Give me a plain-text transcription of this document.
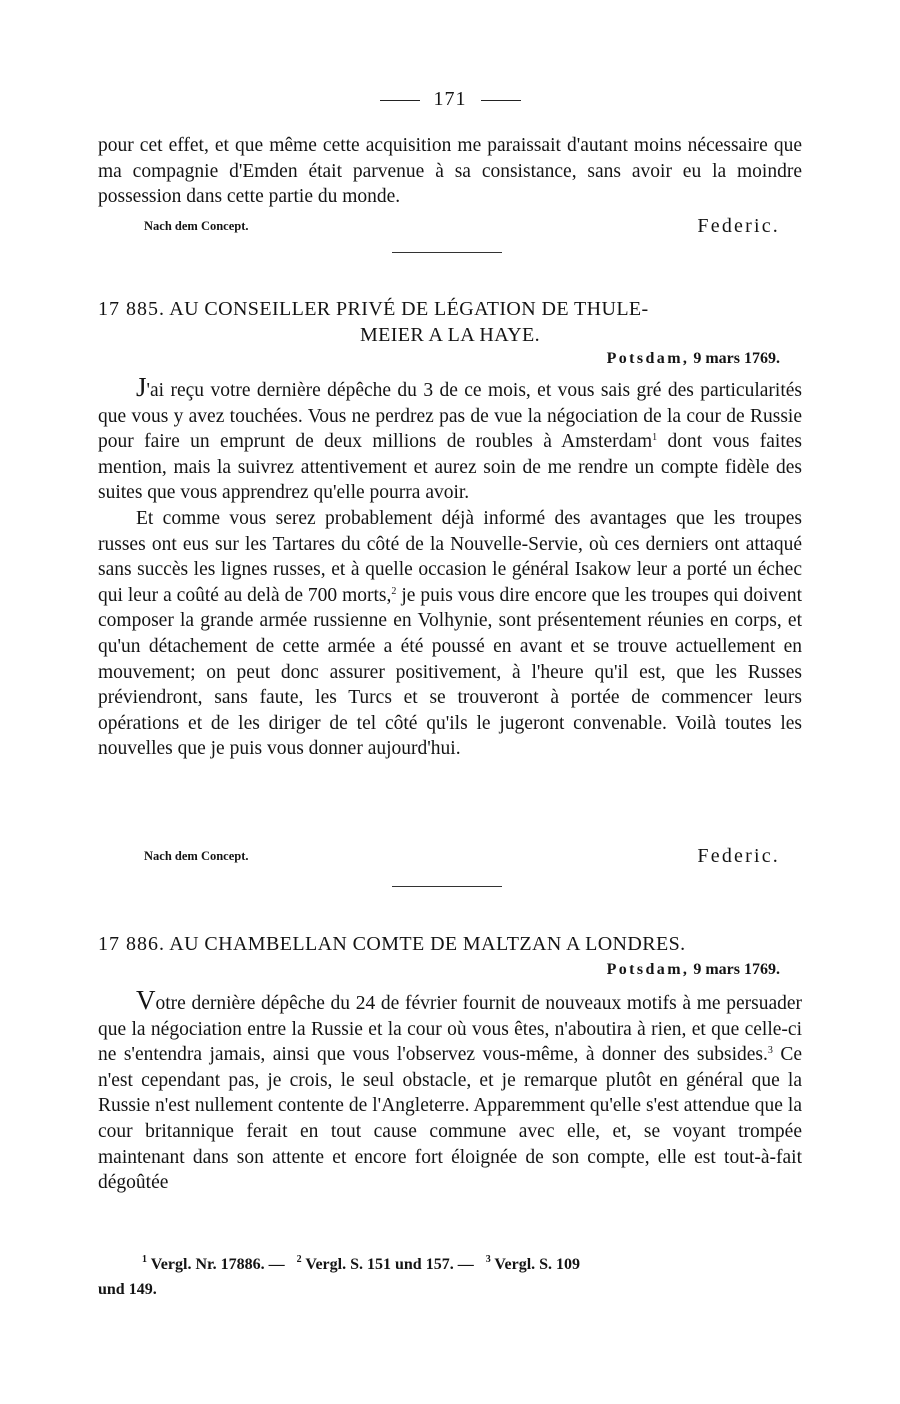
171

pour cet effet, et que même cette acquisition me paraissait d'autant moins nécessaire que ma compagnie d'Emden était parvenue à sa consistance, sans avoir eu la moindre possession dans cette partie du monde.

Nach dem Concept.	Federic.
17 885. AU CONSEILLER PRIVÉ DE LÉGATION DE THULE-
MEIER A LA HAYE.
Potsdam, 9 mars 1769.

J'ai reçu votre dernière dépêche du 3 de ce mois, et vous sais gré des particularités que vous y avez touchées. Vous ne perdrez pas de vue la négociation de la cour de Russie pour faire un emprunt de deux millions de roubles à Amsterdam$^1$ dont vous faites mention, mais la suivrez attentivement et aurez soin de me rendre un compte fidèle des suites que vous apprendrez qu'elle pourra avoir.

Et comme vous serez probablement déjà informé des avantages que les troupes russes ont eus sur les Tartares du côté de la Nouvelle-Servie, où ces derniers ont attaqué sans succès les lignes russes, et à quelle occasion le général Isakow leur a porté un échec qui leur a coûté au delà de 700 morts,$^2$ je puis vous dire encore que les troupes qui doivent composer la grande armée russienne en Volhynie, sont présentement réunies en corps, et qu'un détachement de cette armée a été poussé en avant et se trouve actuellement en mouvement; on peut donc assurer positivement, à l'heure qu'il est, que les Russes préviendront, sans faute, les Turcs et se trouveront à portée de commencer leurs opérations et de les diriger de tel côté qu'ils le jugeront convenable. Voilà toutes les nouvelles que je puis vous donner aujourd'hui.

Nach dem Concept.	Federic.
17 886. AU CHAMBELLAN COMTE DE MALTZAN A LONDRES.
Potsdam, 9 mars 1769.

Votre dernière dépêche du 24 de février fournit de nouveaux motifs à me persuader que la négociation entre la Russie et la cour où vous êtes, n'aboutira à rien, et que celle-ci ne s'entendra jamais, ainsi que vous l'observez vous-même, à donner des subsides.$^3$ Ce n'est cependant pas, je crois, le seul obstacle, et je remarque plutôt en général que la Russie n'est nullement contente de l'Angleterre. Apparemment qu'elle s'est attendue que la cour britannique ferait en tout cause commune avec elle, et, se voyant trompée maintenant dans son attente et encore fort éloignée de son compte, elle est tout-à-fait dégoûtée

$^1$ Vergl. Nr. 17886. — $^2$ Vergl. S. 151 und 157. — $^3$ Vergl. S. 109
und 149.
